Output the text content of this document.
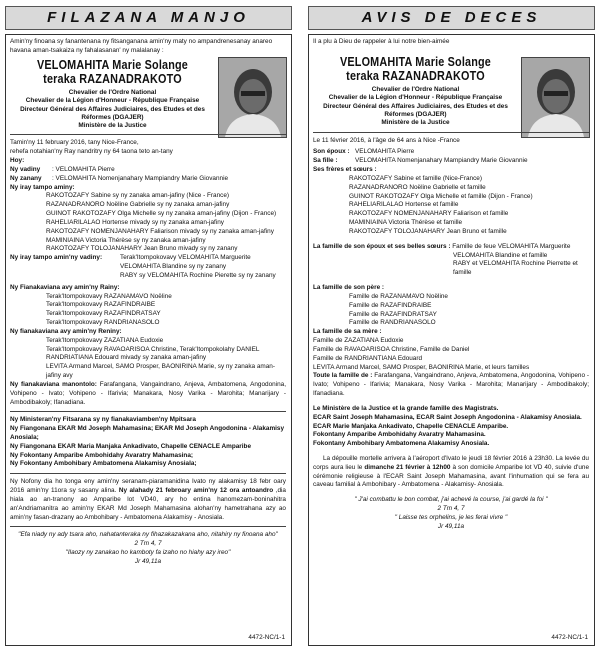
FILAZANA MANJO
Amin'ny finoana sy fanantenana ny fitsanganana amin'ny maty no ampandrenesanay anareo havana aman-tsakaiza ny fahalasanan' ny malalanay :
VELOMAHITA Marie Solange
teraka RAZANADRAKOTO
Chevalier de l'Ordre National
Chevalier de la Légion d'Honneur - République Française
Directeur Général des Affaires Judiciaires, des Etudes et des
Réformes (DGAJER)
Ministère de la Justice
Tamin'ny 11 february 2016, tany Nice-France,
rehefa notahian'ny Ray nandritry ny 64 taona teto an-tany
Hoy:
Ny vadiny	: VELOMAHITA Pierre
Ny zanany	: VELOMAHITA Nomenjanahary Mampiandry Marie Giovannie
Ny iray tampo aminy:
RAKOTOZAFY Sabine sy ny zanaka aman-jafiny (Nice - France)
RAZANADRANORO Noëline Gabrielle sy ny zanaka aman-jafiny
GUINOT RAKOTOZAFY Olga Michelle sy ny zanaka aman-jafiny (Dijon - France)
RAHELIARILALAO Hortense mivady sy ny zanaka aman-jafiny
RAKOTOZAFY NOMENJANAHARY Faliarison mivady sy ny zanaka aman-jafiny
MAMINIAINA Victoria Thérèse sy ny zanaka aman-jafiny
RAKOTOZAFY TOLOJANAHARY Jean Bruno mivady sy ny zanany
Ny iray tampo amin'ny vadiny:	Terak'Itompokovavy VELOMAHITA Marguerite
VELOMAHITA Blandine sy ny zanany
RABY sy VELOMAHITA Rochine Pierette sy ny zanany
Ny Fianakaviana avy amin'ny Rainy:
Terak'Itompokovavy RAZANAMAVO Noëline
Terak'Itompokovavy RAZAFINDRAIBE
Terak'Itompokovavy RAZAFINDRATSAY
Terak'Itompokovavy RANDRIANASOLO
Ny fianakaviana avy amin'ny Reniny:
Terak'Itompokovavy ZAZATIANA Eudoxie
Terak'Itompokovavy RAVAOARISOA Christine, Terak'Itompokolahy DANIEL
RANDRIATIANA Edouard mivady sy zanaka aman-jafiny
LEVITA Armand Marcel, SAMO Prosper, BAONIRINA Marie, sy ny zanaka aman-jafiny avy
Ny fianakaviana manontolo: Farafangana, Vangaindrano, Anjeva, Ambatomena, Angodonina, Vohipeno - Ivato; Vohipeno - Ifarivia; Manakara, Nosy Varika - Marohita; Manarijary - Ambodibakoly; Ifanadiana.
Ny Ministeran'ny Fitsarana sy ny fianakaviamben'ny Mpitsara
Ny Fiangonana EKAR Md Joseph Mahamasina; EKAR Md Joseph Angodonina - Alakamisy Anosiala;
Ny Fiangonana EKAR Maria Manjaka Ankadivato, Chapelle CENACLE Amparibe
Ny Fokontany Amparibe Ambohidahy Avaratry Mahamasina;
Ny Fokontany Ambohibary Ambatomena Alakamisy Anosiala;
Ny Nofony dia ho tonga eny amin'ny seranam-piaramanidina Ivato ny alakamisy 18 febr oary 2016 amin'ny 11ora sy sasany alina. Ny alahady 21 febroary amin'ny 12 ora antoandro ,dia hiala ao an-tranony ao Amparibe lot VD40, ary ho entina hanomezam-boninahitra an'Andriamanitra ao amin'ny EKAR Md Joseph Mahamasina alohan'ny hametrahana azy ao amin'ny fasan-drazany ao Ambohibary - Ambatomena Alakamisy - Anosiala.
"Efa niady ny ady tsara aho, nahatanteraka ny fihazakazakana aho, nitahiry ny finoana aho"
2 Tm 4, 7
"Ilaozy ny zanakao ho kamboty fa izaho no hiahy azy ireo"
Jr 49,11a
4472-NC/1-1
AVIS DE DECES
Il a plu à Dieu de rappeler à lui notre bien-aimée
VELOMAHITA Marie Solange
teraka RAZANADRAKOTO
Chevalier de l'Ordre National
Chevalier de la Légion d'Honneur - République Française
Directeur Général des Affaires Judiciaires, des Etudes et des
Réformes (DGAJER)
Ministère de la Justice
Le 11 février 2016, à l'âge de 64 ans à Nice -France
Son époux : VELOMAHITA Pierre
Sa fille :	VELOMAHITA Nomenjanahary Mampiandry Marie Giovannie
Ses frères et sœurs :
RAKOTOZAFY Sabine et famille (Nice-France)
RAZANADRANORO Noëline Gabrielle et famille
GUINOT RAKOTOZAFY Olga Michelle et famille (Dijon - France)
RAHELIARILALAO Hortense et famille
RAKOTOZAFY NOMENJANAHARY Faliarison et famille
MAMINIAINA Victoria Thérèse et famille
RAKOTOZAFY TOLOJANAHARY Jean Bruno et famille
La famille de son époux et ses belles sœurs : Famille de feue VELOMAHITA Marguerite
VELOMAHITA Blandine et famille
RABY et VELOMAHITA Rochine Pierrette et famille
La famille de son père :
Famille de RAZANAMAVO Noëline
Famille de RAZAFINDRAIBE
Famille de RAZAFINDRATSAY
Famille de RANDRIANASOLO
La famille de sa mère :
Famille de ZAZATIANA Eudoxie
Famille de RAVAOARISOA Christine, Famille de Daniel
Famille de RANDRIANTIANA Edouard
LEVITA Armand Marcel, SAMO Prosper, BAONIRINA Marie, et leurs familles
Toute la famille de : Farafangana, Vangaindrano, Anjeva, Ambatomena, Angodonina, Vohipeno - Ivato; Vohipeno - Ifarivia; Manakara, Nosy Varika - Marohita; Manarijary - Ambodibakoly; Ifanadiana.
Le Ministère de la Justice et la grande famille des Magistrats.
ECAR Saint Joseph Mahamasina, ECAR Saint Joseph Angodonina - Alakamisy Anosiala.
ECAR Marie Manjaka Ankadivato, Chapelle CENACLE Amparibe.
Fokontany Amparibe Ambohidahy Avaratry Mahamasina.
Fokontany Ambohibary Ambatomena Alakamisy Anosiala.
La dépouille mortelle arrivera à l'aéroport d'Ivato le jeudi 18 février 2016 à 23h30. La levée du corps aura lieu le dimanche 21 février à 12h00 à son domicile Amparibe lot VD 40, suivie d'une cérémonie religieuse à l'ECAR Saint Joseph Mahamasina, avant l'inhumation qui se fera au caveau familial à Ambohibary - Ambatomena - Alakamisy- Anosiala.
" J'ai combattu le bon combat, j'ai achevé la course, j'ai gardé la foi "
2 Tm 4, 7
" Laisse tes orphelins, je les ferai vivre "
Jr 49,11a
4472-NC/1-1
